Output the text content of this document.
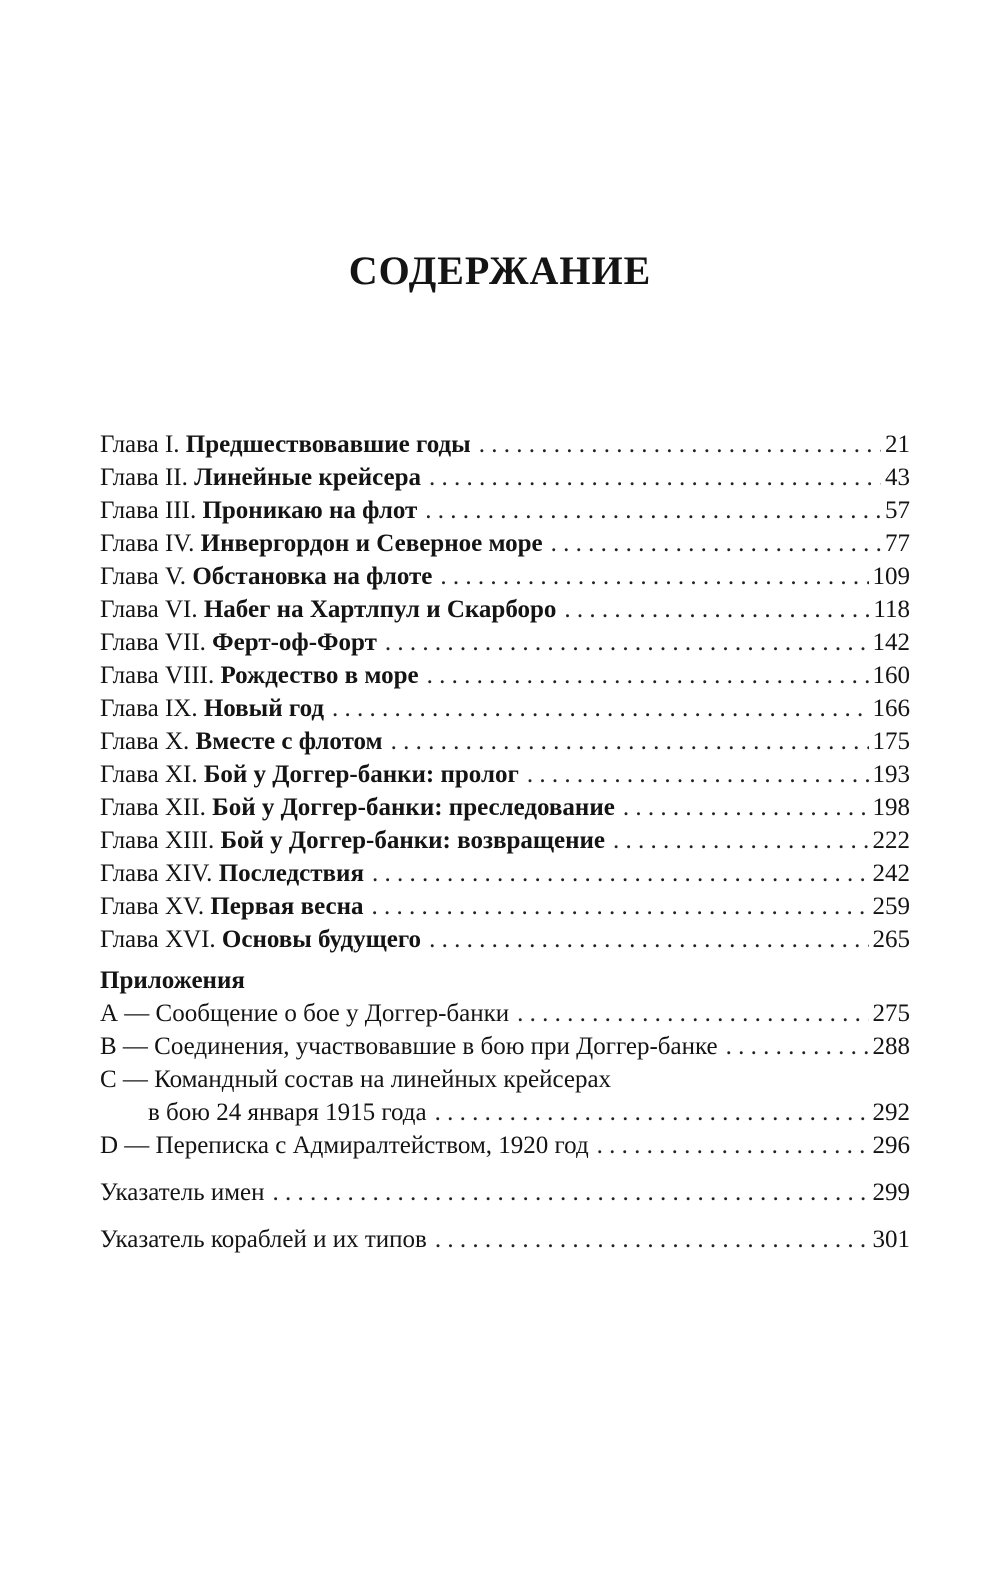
СОДЕРЖАНИЕ
Глава I. Предшествовавшие годы . . .	21
Глава II. Линейные крейсера . . .	43
Глава III. Проникаю на флот . . .	57
Глава IV. Инвергордон и Северное море . . .	77
Глава V. Обстановка на флоте . . .	109
Глава VI. Набег на Хартлпул и Скарборо . . .	118
Глава VII. Ферт-оф-Форт . . .	142
Глава VIII. Рождество в море . . .	160
Глава IX. Новый год . . .	166
Глава X. Вместе с флотом . . .	175
Глава XI. Бой у Доггер-банки: пролог . . .	193
Глава XII. Бой у Доггер-банки: преследование . . .	198
Глава XIII. Бой у Доггер-банки: возвращение . . .	222
Глава XIV. Последствия . . .	242
Глава XV. Первая весна . . .	259
Глава XVI. Основы будущего . . .	265
Приложения
А — Сообщение о бое у Доггер-банки . . .	275
В — Соединения, участвовавшие в бою при Доггер-банке . . .	288
С — Командный состав на линейных крейсерах
в бою 24 января 1915 года . . .	292
D — Переписка с Адмиралтейством, 1920 год . . .	296
Указатель имен . . .	299
Указатель кораблей и их типов . . .	301
